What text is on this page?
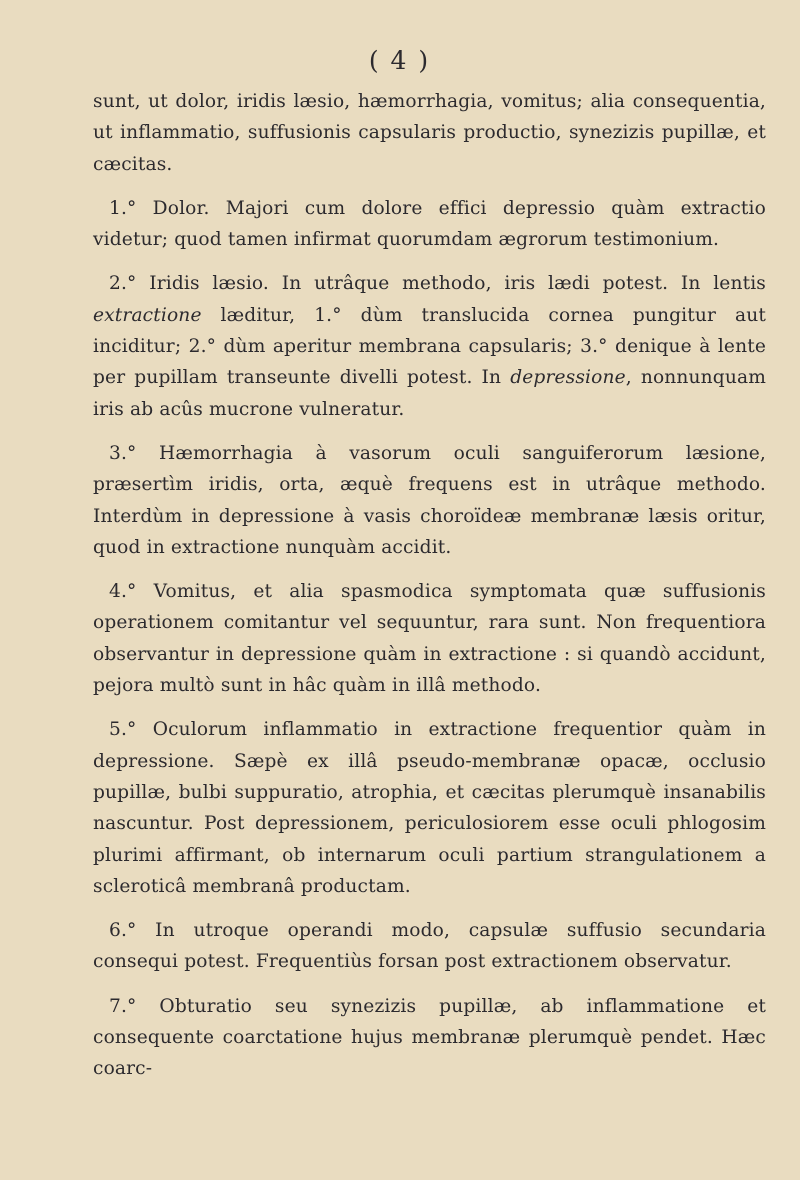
( 4 )

sunt, ut dolor, iridis læsio, hæmorrhagia, vomitus; alia consequentia, ut inflammatio, suffusionis capsularis productio, synezizis pupillæ, et cæcitas.

1.° Dolor. Majori cum dolore effici depressio quàm extractio videtur; quod tamen infirmat quorumdam ægrorum testimonium.

2.° Iridis læsio. In utrâque methodo, iris lædi potest. In lentis extractione læditur, 1.° dùm translucida cornea pungitur aut inciditur; 2.° dùm aperitur membrana capsularis; 3.° denique à lente per pupillam transeunte divelli potest. In depressione, nonnunquam iris ab acûs mucrone vulneratur.

3.° Hæmorrhagia à vasorum oculi sanguiferorum læsione, præsertìm iridis, orta, æquè frequens est in utrâque methodo. Interdùm in depressione à vasis choroïdeæ membranæ læsis oritur, quod in extractione nunquàm accidit.

4.° Vomitus, et alia spasmodica symptomata quæ suffusionis operationem comitantur vel sequuntur, rara sunt. Non frequentiora observantur in depressione quàm in extractione : si quandò accidunt, pejora multò sunt in hâc quàm in illâ methodo.

5.° Oculorum inflammatio in extractione frequentior quàm in depressione. Sæpè ex illâ pseudo-membranæ opacæ, occlusio pupillæ, bulbi suppuratio, atrophia, et cæcitas plerumquè insanabilis nascuntur. Post depressionem, periculosiorem esse oculi phlogosim plurimi affirmant, ob internarum oculi partium strangulationem a scleroticâ membranâ productam.

6.° In utroque operandi modo, capsulæ suffusio secundaria consequi potest. Frequentiùs forsan post extractionem observatur.

7.° Obturatio seu synezizis pupillæ, ab inflammatione et consequente coarctatione hujus membranæ plerumquè pendet. Hæc coarc-
